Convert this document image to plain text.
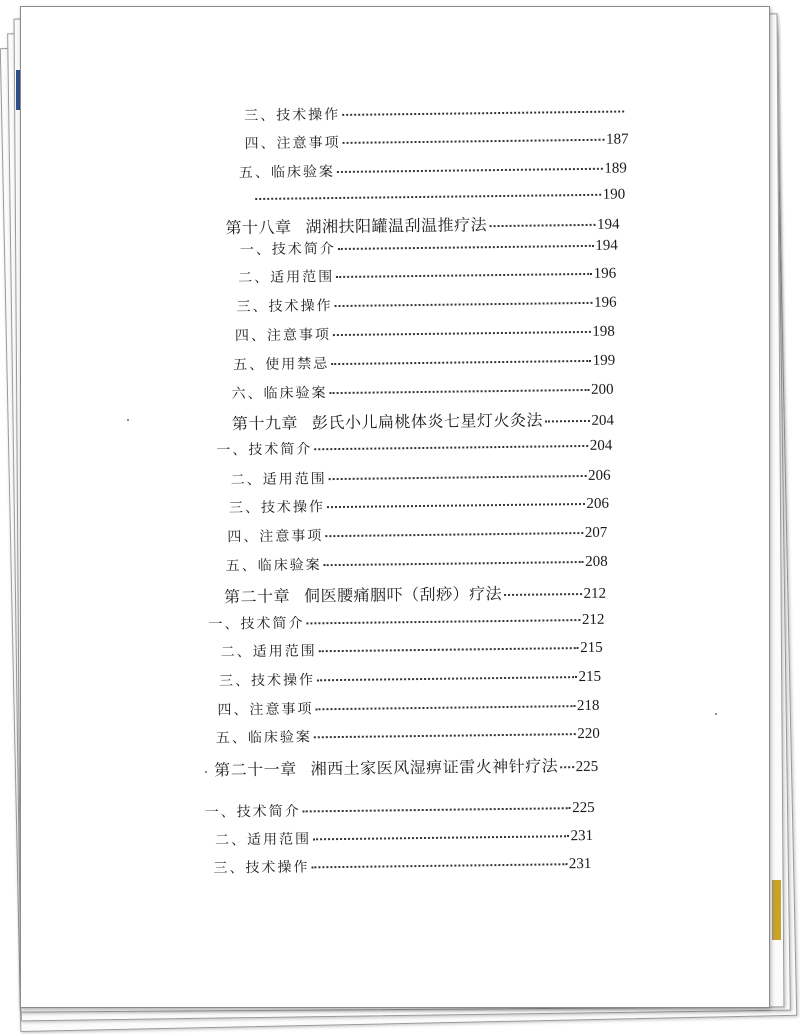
三、技术操作
四、注意事项	187
五、临床验案	189
190
第十八章 湖湘扶阳罐温刮温推疗法	194
一、技术简介	194
二、适用范围	196
三、技术操作	196
四、注意事项	198
五、使用禁忌	199
六、临床验案	200
第十九章 彭氏小儿扁桃体炎七星灯火灸法	204
一、技术简介	204
二、适用范围	206
三、技术操作	206
四、注意事项	207
五、临床验案	208
第二十章 侗医腰痛胭吓（刮痧）疗法	212
一、技术简介	212
二、适用范围	215
三、技术操作	215
四、注意事项	218
五、临床验案	220
第二十一章 湘西土家医风湿痹证雷火神针疗法 225
一、技术简介	225
二、适用范围	231
三、技术操作	231
